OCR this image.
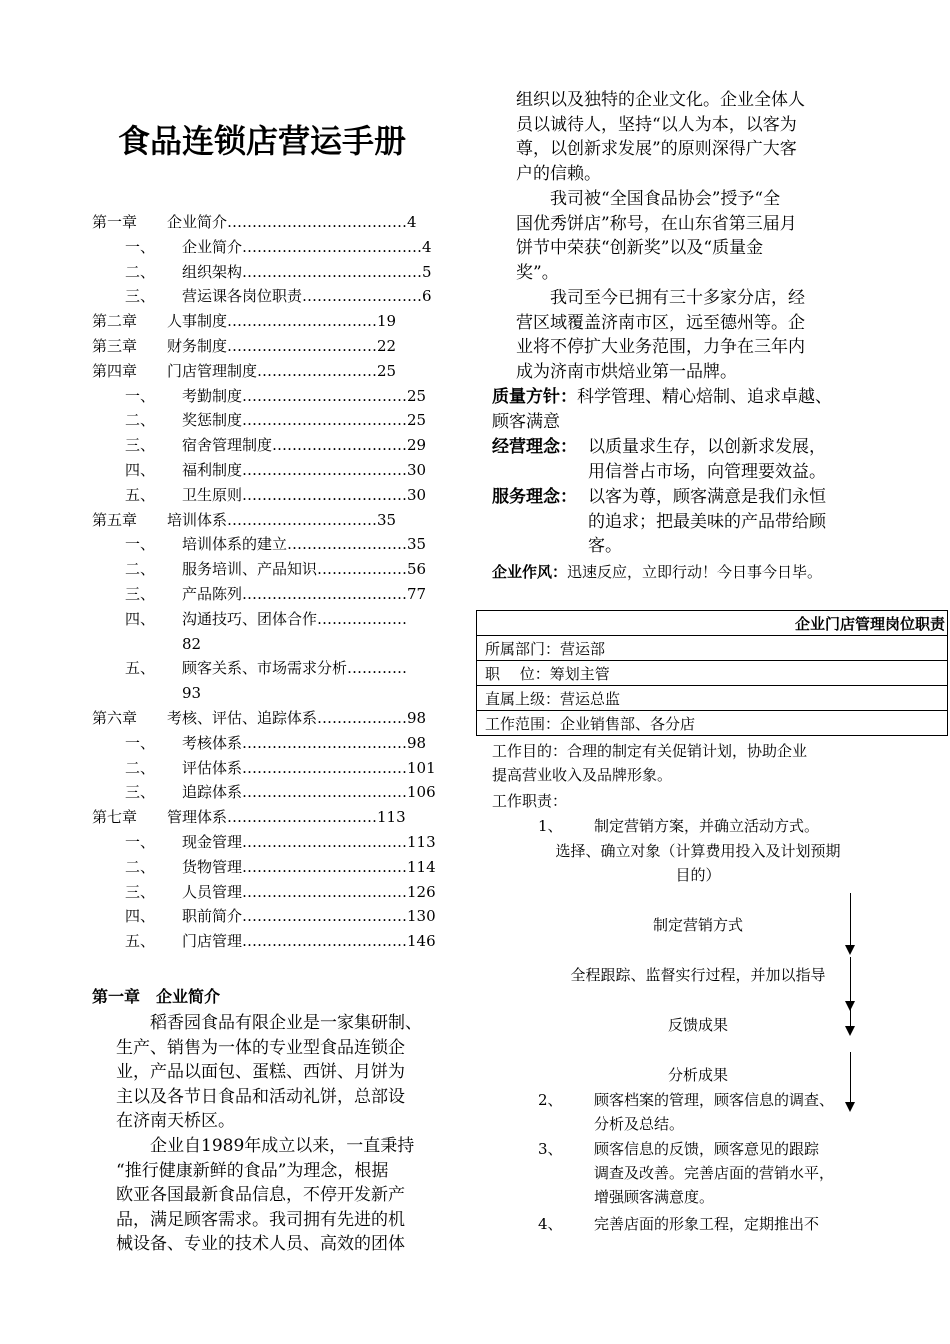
食品连锁店营运手册
第一章 企业简介………………………………4
一、 企业简介………………………………4
二、 组织架构………………………………5
三、 营运课各岗位职责……………………6
第二章 人事制度…………………………19
第三章 财务制度…………………………22
第四章 门店管理制度……………………25
一、 考勤制度……………………………25
二、 奖惩制度……………………………25
三、 宿舍管理制度………………………29
四、 福利制度……………………………30
五、 卫生原则……………………………30
第五章 培训体系…………………………35
一、 培训体系的建立……………………35
二、 服务培训、产品知识………………56
三、 产品陈列……………………………77
四、 沟通技巧、团体合作………………
82
五、 顾客关系、市场需求分析…………
93
第六章 考核、评估、追踪体系………………98
一、 考核体系……………………………98
二、 评估体系……………………………101
三、 追踪体系……………………………106
第七章 管理体系…………………………113
一、 现金管理……………………………113
二、 货物管理……………………………114
三、 人员管理……………………………126
四、 职前简介……………………………130
五、 门店管理……………………………146
第一章　企业简介
　　稻香园食品有限企业是一家集研制、
生产、销售为一体的专业型食品连锁企
业，产品以面包、蛋糕、西饼、月饼为
主以及各节日食品和活动礼饼，总部设
在济南天桥区。
　　企业自1989年成立以来，一直秉持
“推行健康新鲜的食品”为理念，根据
欧亚各国最新食品信息，不停开发新产
品，满足顾客需求。我司拥有先进的机
械设备、专业的技术人员、高效的团体
组织以及独特的企业文化。企业全体人
员以诚待人，坚持“以人为本，以客为
尊，以创新求发展”的原则深得广大客
户的信赖。
　　我司被“全国食品协会”授予“全
国优秀饼店”称号，在山东省第三届月
饼节中荣获“创新奖”以及“质量金
奖”。
　　我司至今已拥有三十多家分店，经
营区域覆盖济南市区，远至德州等。企
业将不停扩大业务范围，力争在三年内
成为济南市烘焙业第一品牌。
质量方针：科学管理、精心焙制、追求卓越、
顾客满意
经营理念： 以质量求生存，以创新求发展，
用信誉占市场，向管理要效益。
服务理念： 以客为尊，顾客满意是我们永恒
的追求；把最美味的产品带给顾
客。
企业作风：迅速反应，立即行动！今日事今日毕。
企业门店管理岗位职责
所属部门：营运部
职　 位：筹划主管
直属上级：营运总监
工作范围：企业销售部、各分店
工作目的：合理的制定有关促销计划，协助企业
提高营业收入及品牌形象。
工作职责：
1、 制定营销方案，并确立活动方式。
选择、确立对象（计算费用投入及计划预期
目的）
制定营销方式
全程跟踪、监督实行过程，并加以指导
反馈成果
分析成果
2、 顾客档案的管理，顾客信息的调查、
分析及总结。
3、 顾客信息的反馈，顾客意见的跟踪
调查及改善。完善店面的营销水平，
增强顾客满意度。
4、 完善店面的形象工程，定期推出不
